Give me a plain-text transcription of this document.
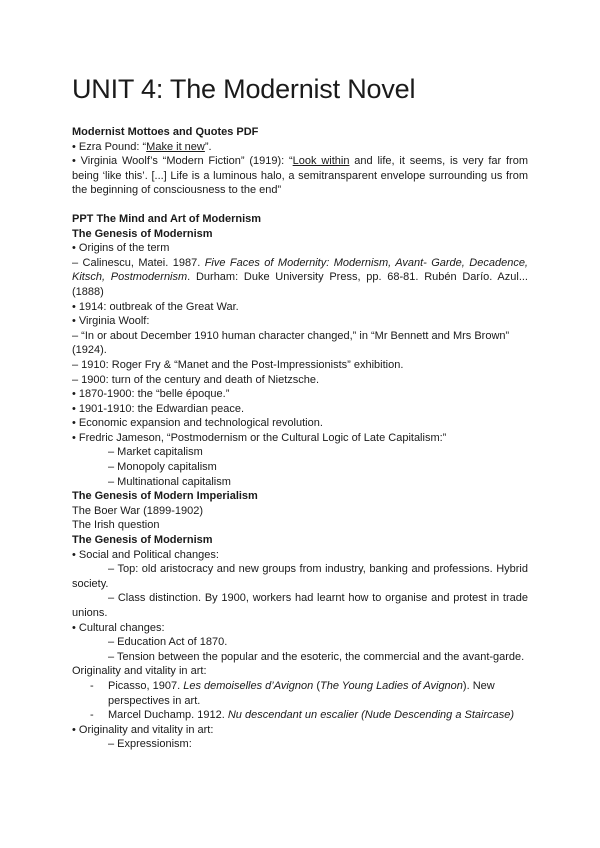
UNIT 4: The Modernist Novel

Modernist Mottoes and Quotes PDF

• Ezra Pound: “Make it new”.

• Virginia Woolf’s “Modern Fiction” (1919): “Look within and life, it seems, is very far from being ‘like this’. [...] Life is a luminous halo, a semitransparent envelope surrounding us from the beginning of consciousness to the end”

PPT The Mind and Art of Modernism

The Genesis of Modernism

• Origins of the term

– Calinescu, Matei. 1987. Five Faces of Modernity: Modernism, Avant- Garde, Decadence, Kitsch, Postmodernism. Durham: Duke University Press, pp. 68-81. Rubén Darío. Azul... (1888)

• 1914: outbreak of the Great War.

• Virginia Woolf:

– “In or about December 1910 human character changed,” in “Mr Bennett and Mrs Brown” (1924).

– 1910: Roger Fry & “Manet and the Post-Impressionists” exhibition.

– 1900: turn of the century and death of Nietzsche.

• 1870-1900: the “belle époque.”

• 1901-1910: the Edwardian peace.

• Economic expansion and technological revolution.

• Fredric Jameson, “Postmodernism or the Cultural Logic of Late Capitalism:”

– Market capitalism

– Monopoly capitalism

– Multinational capitalism

The Genesis of Modern Imperialism

The Boer War (1899-1902)

The Irish question

The Genesis of Modernism

• Social and Political changes:

– Top: old aristocracy and new groups from industry, banking and professions. Hybrid society.

– Class distinction. By 1900, workers had learnt how to organise and protest in trade unions.

• Cultural changes:

– Education Act of 1870.

– Tension between the popular and the esoteric, the commercial and the avant-garde.

Originality and vitality in art:

- Picasso, 1907. Les demoiselles d’Avignon (The Young Ladies of Avignon). New perspectives in art.
- Marcel Duchamp. 1912. Nu descendant un escalier (Nude Descending a Staircase)

• Originality and vitality in art:

– Expressionism:
